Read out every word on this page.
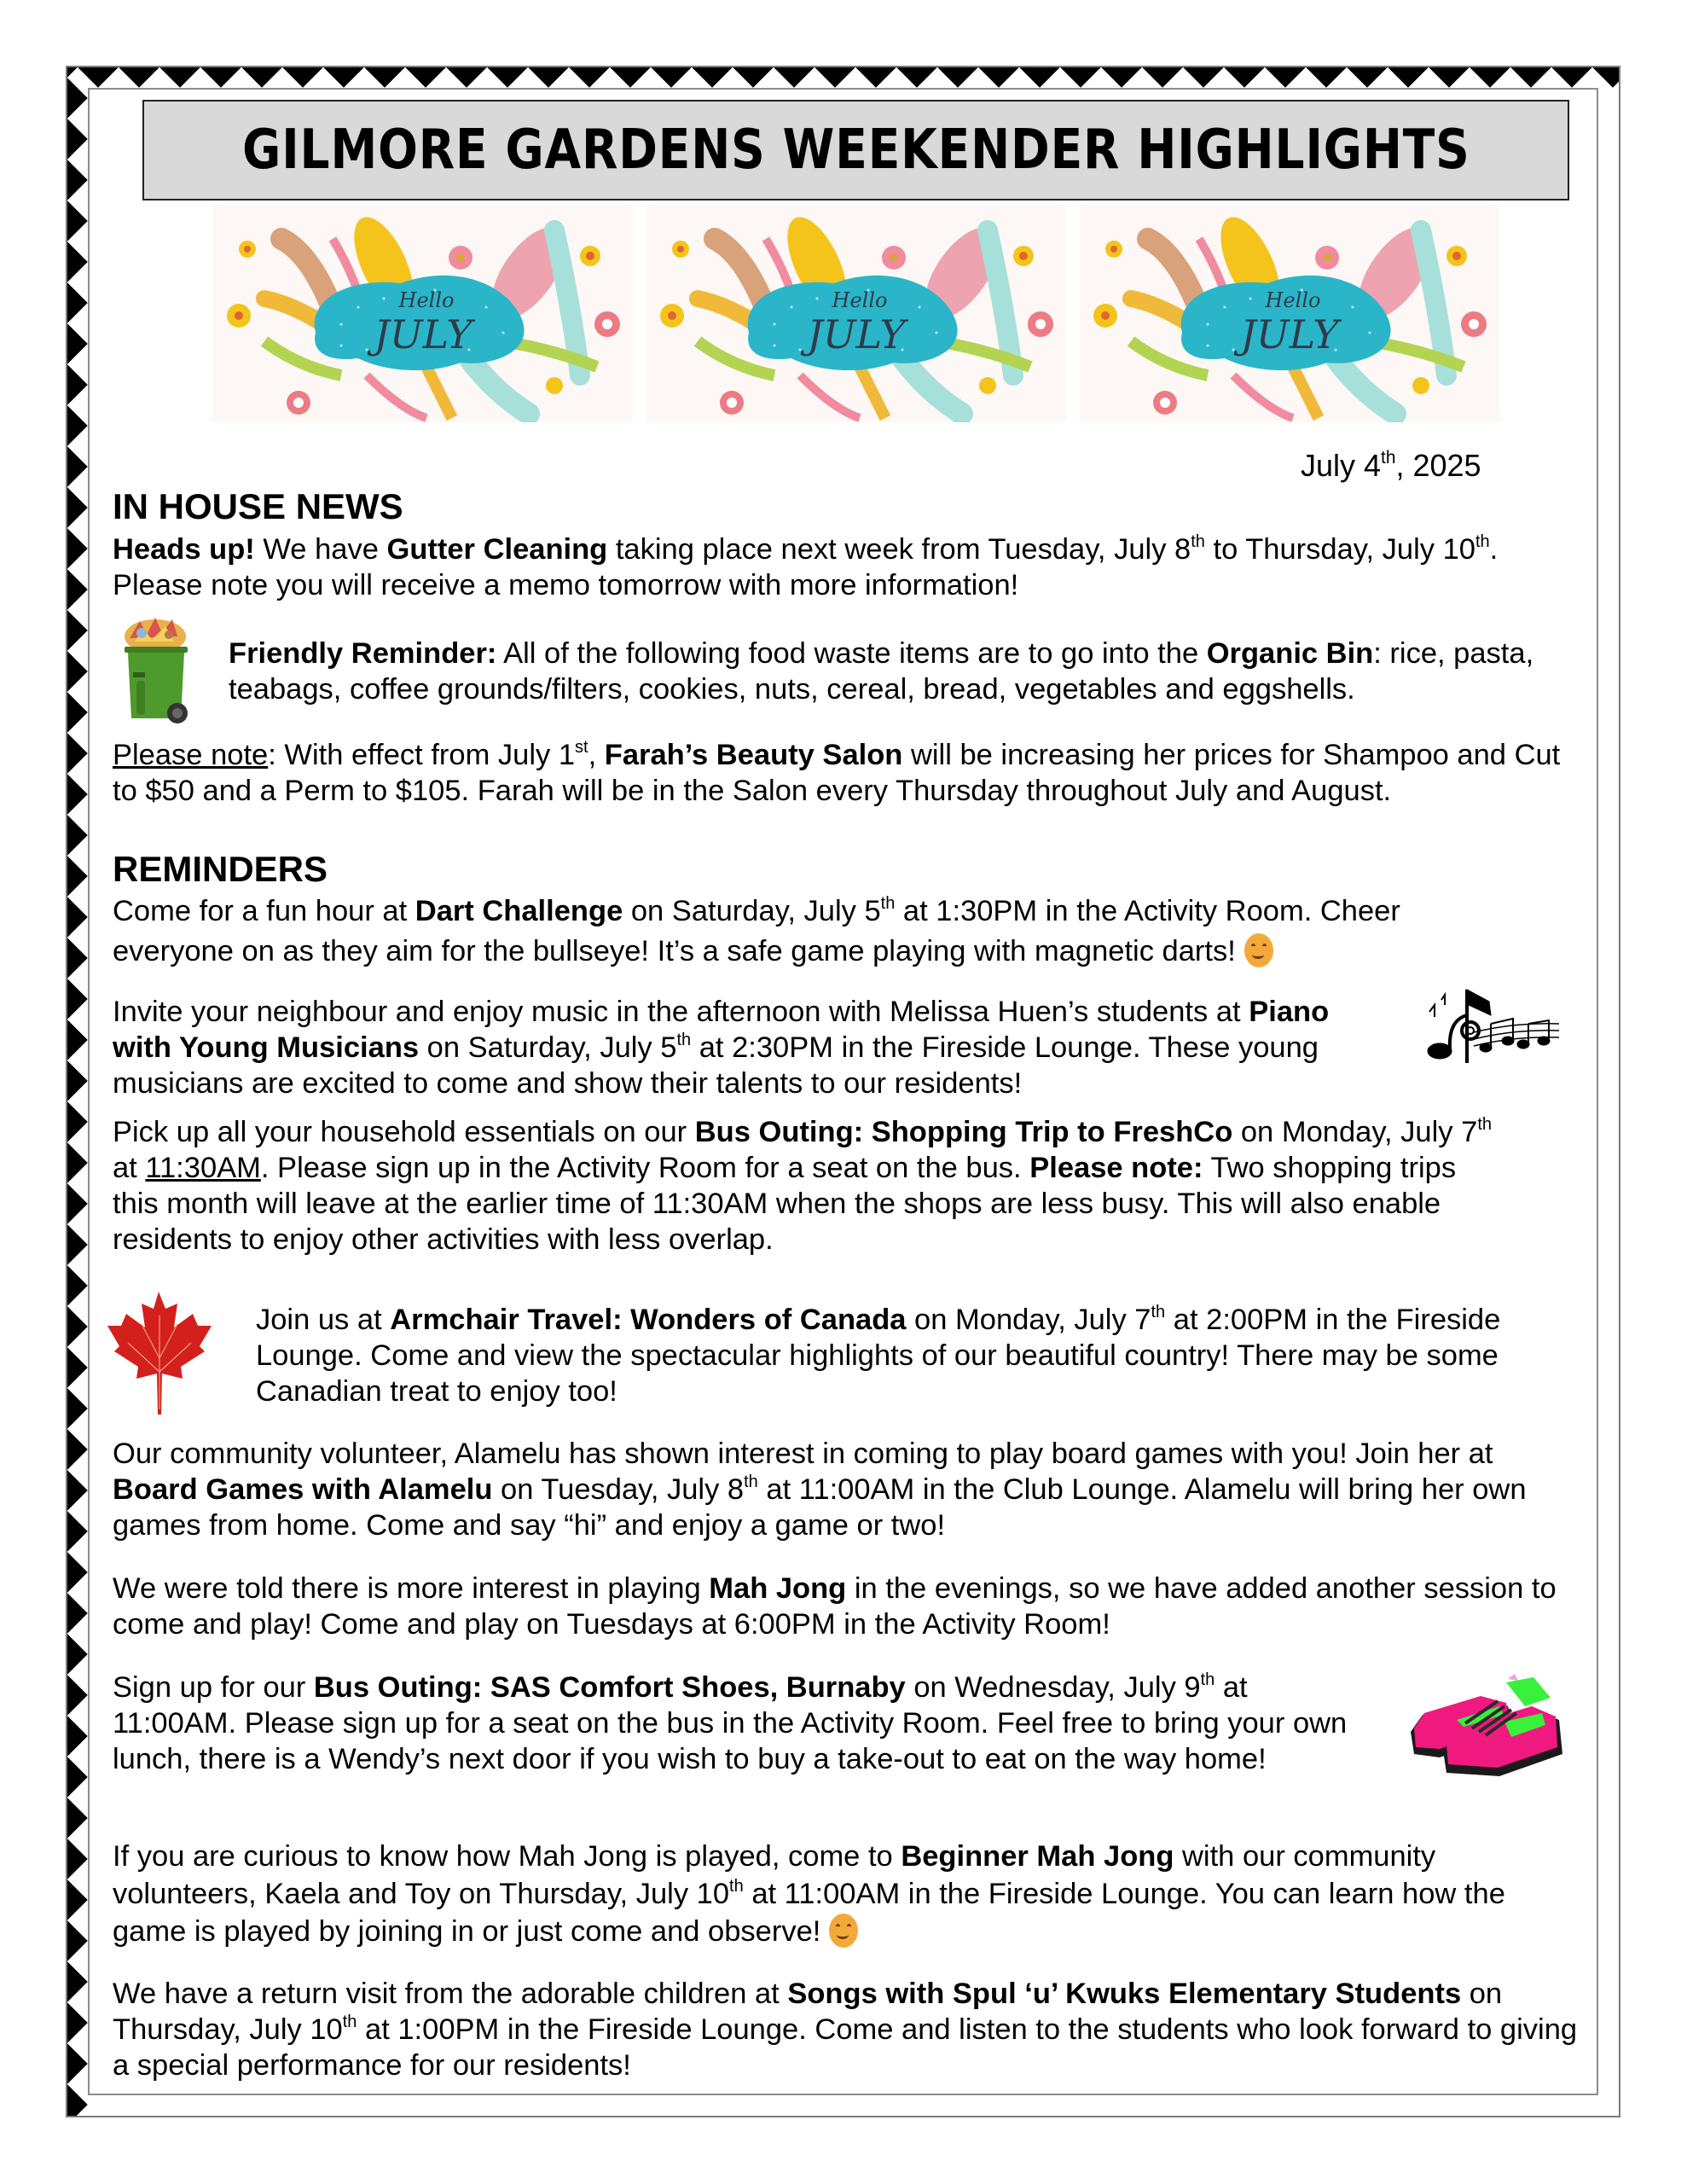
GILMORE GARDENS WEEKENDER HIGHLIGHTS
Hello
JULY
Hello
JULY
Hello
JULY
July 4th, 2025
IN HOUSE NEWS
Heads up! We have Gutter Cleaning taking place next week from Tuesday, July 8th to Thursday, July 10th. Please note you will receive a memo tomorrow with more information!
Friendly Reminder: All of the following food waste items are to go into the Organic Bin: rice, pasta, teabags, coffee grounds/filters, cookies, nuts, cereal, bread, vegetables and eggshells.
Please note: With effect from July 1st, Farah’s Beauty Salon will be increasing her prices for Shampoo and Cut to $50 and a Perm to $105. Farah will be in the Salon every Thursday throughout July and August.
REMINDERS
Come for a fun hour at Dart Challenge on Saturday, July 5th at 1:30PM in the Activity Room. Cheer everyone on as they aim for the bullseye! It’s a safe game playing with magnetic darts!
Invite your neighbour and enjoy music in the afternoon with Melissa Huen’s students at Piano with Young Musicians on Saturday, July 5th at 2:30PM in the Fireside Lounge. These young musicians are excited to come and show their talents to our residents!
Pick up all your household essentials on our Bus Outing: Shopping Trip to FreshCo on Monday, July 7th at 11:30AM. Please sign up in the Activity Room for a seat on the bus. Please note: Two shopping trips this month will leave at the earlier time of 11:30AM when the shops are less busy. This will also enable residents to enjoy other activities with less overlap.
Join us at Armchair Travel: Wonders of Canada on Monday, July 7th at 2:00PM in the Fireside Lounge. Come and view the spectacular highlights of our beautiful country! There may be some Canadian treat to enjoy too!
Our community volunteer, Alamelu has shown interest in coming to play board games with you! Join her at Board Games with Alamelu on Tuesday, July 8th at 11:00AM in the Club Lounge. Alamelu will bring her own games from home. Come and say “hi” and enjoy a game or two!
We were told there is more interest in playing Mah Jong in the evenings, so we have added another session to come and play! Come and play on Tuesdays at 6:00PM in the Activity Room!
Sign up for our Bus Outing: SAS Comfort Shoes, Burnaby on Wednesday, July 9th at 11:00AM. Please sign up for a seat on the bus in the Activity Room. Feel free to bring your own lunch, there is a Wendy’s next door if you wish to buy a take-out to eat on the way home!
If you are curious to know how Mah Jong is played, come to Beginner Mah Jong with our community volunteers, Kaela and Toy on Thursday, July 10th at 11:00AM in the Fireside Lounge. You can learn how the game is played by joining in or just come and observe!
We have a return visit from the adorable children at Songs with Spul ‘u’ Kwuks Elementary Students on Thursday, July 10th at 1:00PM in the Fireside Lounge. Come and listen to the students who look forward to giving a special performance for our residents!
